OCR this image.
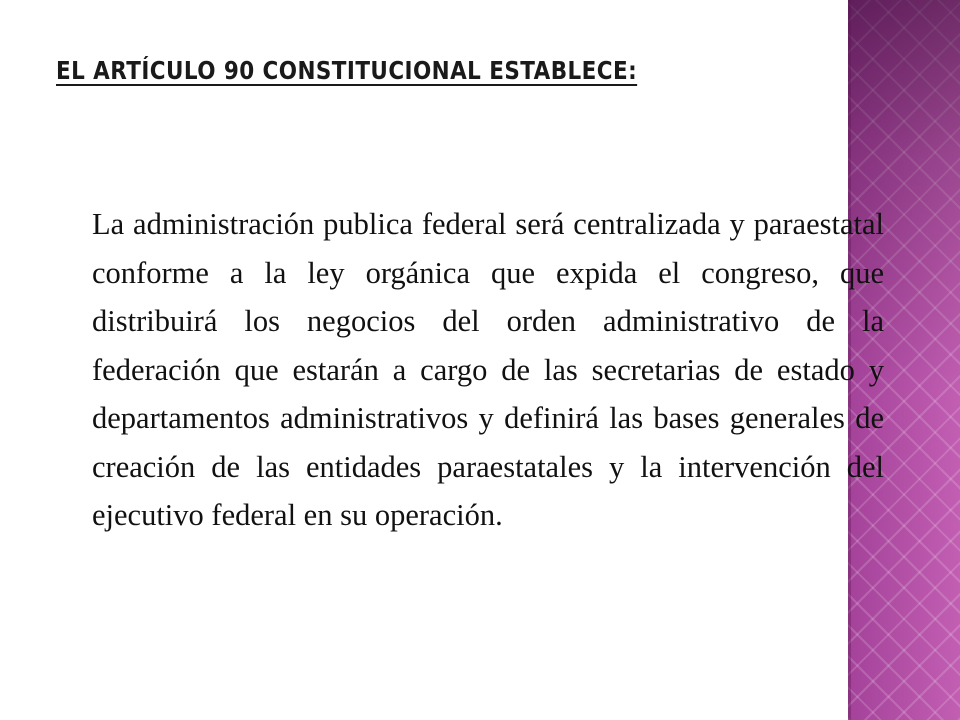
EL ARTÍCULO 90 CONSTITUCIONAL ESTABLECE:

La administración publica federal será centralizada y paraestatal conforme a la ley orgánica que expida el congreso, que distribuirá los negocios del orden administrativo de la federación que estarán a cargo de las secretarias de estado y departamentos administrativos y definirá las bases generales de creación de las entidades paraestatales y la intervención del ejecutivo federal en su operación.
